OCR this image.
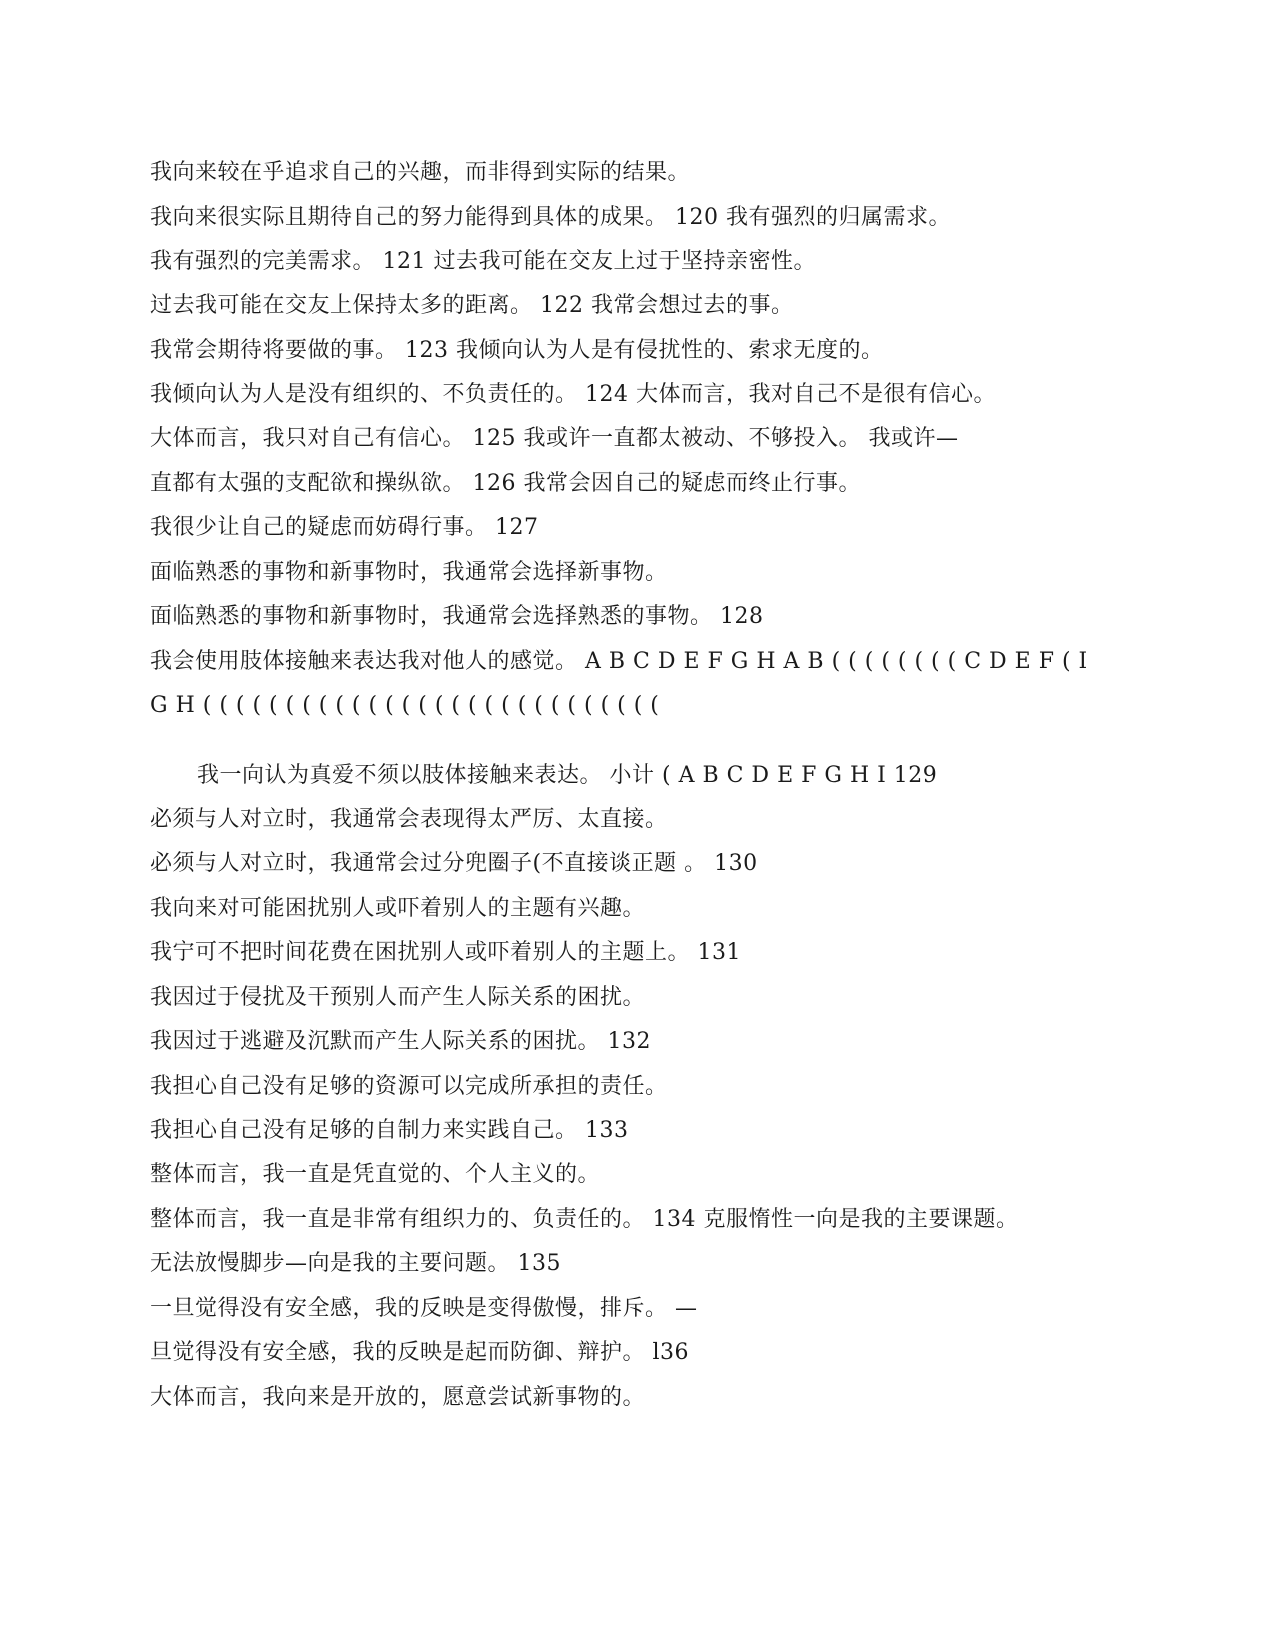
我向来较在乎追求自己的兴趣，而非得到实际的结果。

我向来很实际且期待自己的努力能得到具体的成果。 120 我有强烈的归属需求。

我有强烈的完美需求。 121 过去我可能在交友上过于坚持亲密性。

过去我可能在交友上保持太多的距离。 122 我常会想过去的事。

我常会期待将要做的事。 123 我倾向认为人是有侵扰性的、索求无度的。

我倾向认为人是没有组织的、不负责任的。 124 大体而言，我对自己不是很有信心。

大体而言，我只对自己有信心。 125 我或许一直都太被动、不够投入。 我或许—

直都有太强的支配欲和操纵欲。 126 我常会因自己的疑虑而终止行事。

我很少让自己的疑虑而妨碍行事。 127

面临熟悉的事物和新事物时，我通常会选择新事物。

面临熟悉的事物和新事物时，我通常会选择熟悉的事物。 128

我会使用肢体接触来表达我对他人的感觉。 A B C D E F G H A B ( ( ( ( ( ( ( ( C D E F ( I

G H ( ( ( ( ( ( ( ( ( ( ( ( ( ( ( ( ( ( ( ( ( ( ( ( ( ( ( (

我一向认为真爱不须以肢体接触来表达。 小计 ( A B C D E F G H I 129

必须与人对立时，我通常会表现得太严厉、太直接。

必须与人对立时，我通常会过分兜圈子(不直接谈正题 。 130

我向来对可能困扰别人或吓着别人的主题有兴趣。

我宁可不把时间花费在困扰别人或吓着别人的主题上。 131

我因过于侵扰及干预别人而产生人际关系的困扰。

我因过于逃避及沉默而产生人际关系的困扰。 132

我担心自己没有足够的资源可以完成所承担的责任。

我担心自己没有足够的自制力来实践自己。 133

整体而言，我一直是凭直觉的、个人主义的。

整体而言，我一直是非常有组织力的、负责任的。 134 克服惰性一向是我的主要课题。

无法放慢脚步—向是我的主要问题。 135

一旦觉得没有安全感，我的反映是变得傲慢，排斥。 —

旦觉得没有安全感，我的反映是起而防御、辩护。 l36

大体而言，我向来是开放的，愿意尝试新事物的。
